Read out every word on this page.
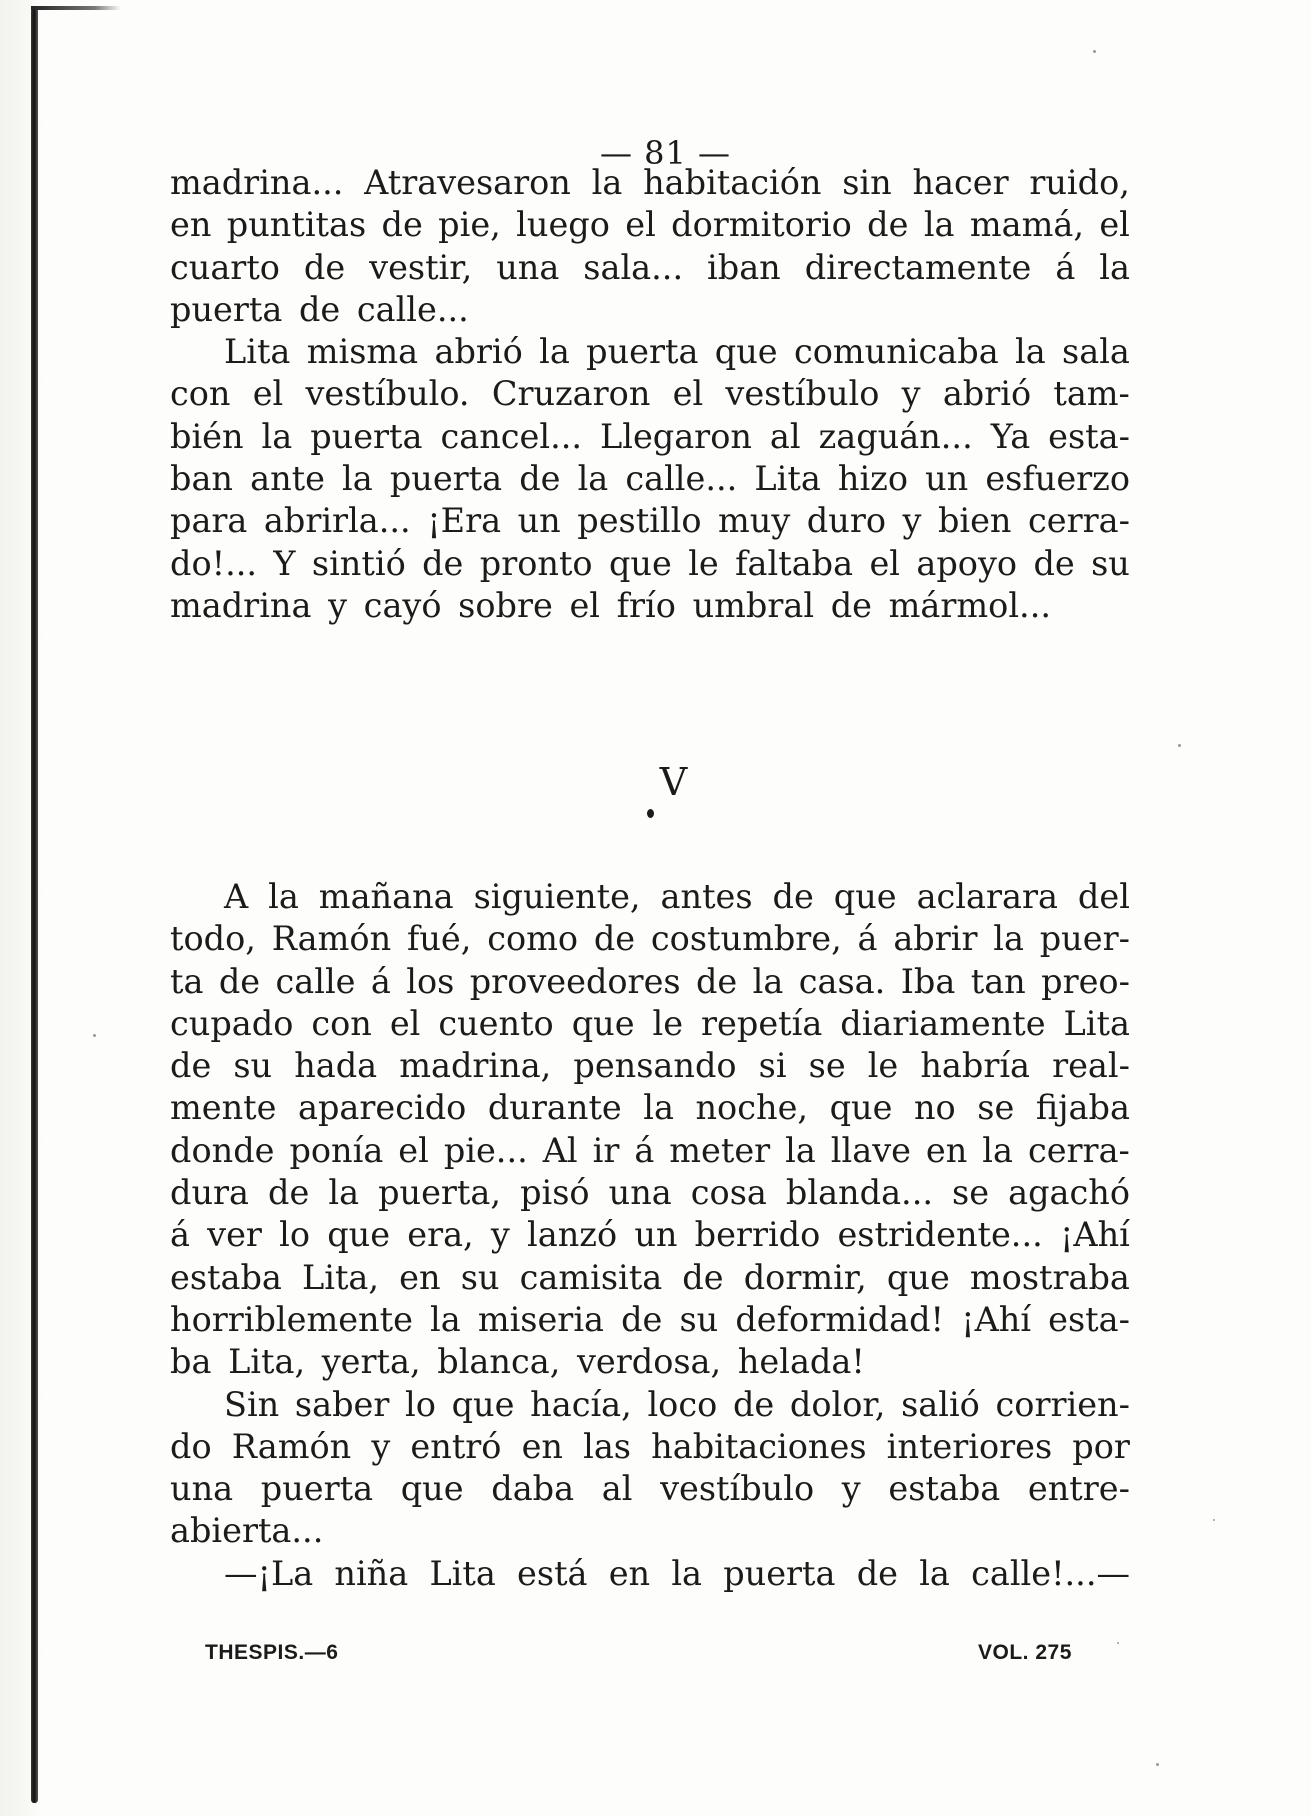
— 81 —
madrina... Atravesaron la habitación sin hacer ruido,
en puntitas de pie, luego el dormitorio de la mamá, el
cuarto de vestir, una sala... iban directamente á la
puerta de calle...
Lita misma abrió la puerta que comunicaba la sala
con el vestíbulo. Cruzaron el vestíbulo y abrió tam-
bién la puerta cancel... Llegaron al zaguán... Ya esta-
ban ante la puerta de la calle... Lita hizo un esfuerzo
para abrirla... ¡Era un pestillo muy duro y bien cerra-
do!... Y sintió de pronto que le faltaba el apoyo de su
madrina y cayó sobre el frío umbral de mármol...
V
A la mañana siguiente, antes de que aclarara del
todo, Ramón fué, como de costumbre, á abrir la puer-
ta de calle á los proveedores de la casa. Iba tan preo-
cupado con el cuento que le repetía diariamente Lita
de su hada madrina, pensando si se le habría real-
mente aparecido durante la noche, que no se fijaba
donde ponía el pie... Al ir á meter la llave en la cerra-
dura de la puerta, pisó una cosa blanda... se agachó
á ver lo que era, y lanzó un berrido estridente... ¡Ahí
estaba Lita, en su camisita de dormir, que mostraba
horriblemente la miseria de su deformidad! ¡Ahí esta-
ba Lita, yerta, blanca, verdosa, helada!
Sin saber lo que hacía, loco de dolor, salió corrien-
do Ramón y entró en las habitaciones interiores por
una puerta que daba al vestíbulo y estaba entre-
abierta...
—¡La niña Lita está en la puerta de la calle!...—
THESPIS.—6	VOL. 275
